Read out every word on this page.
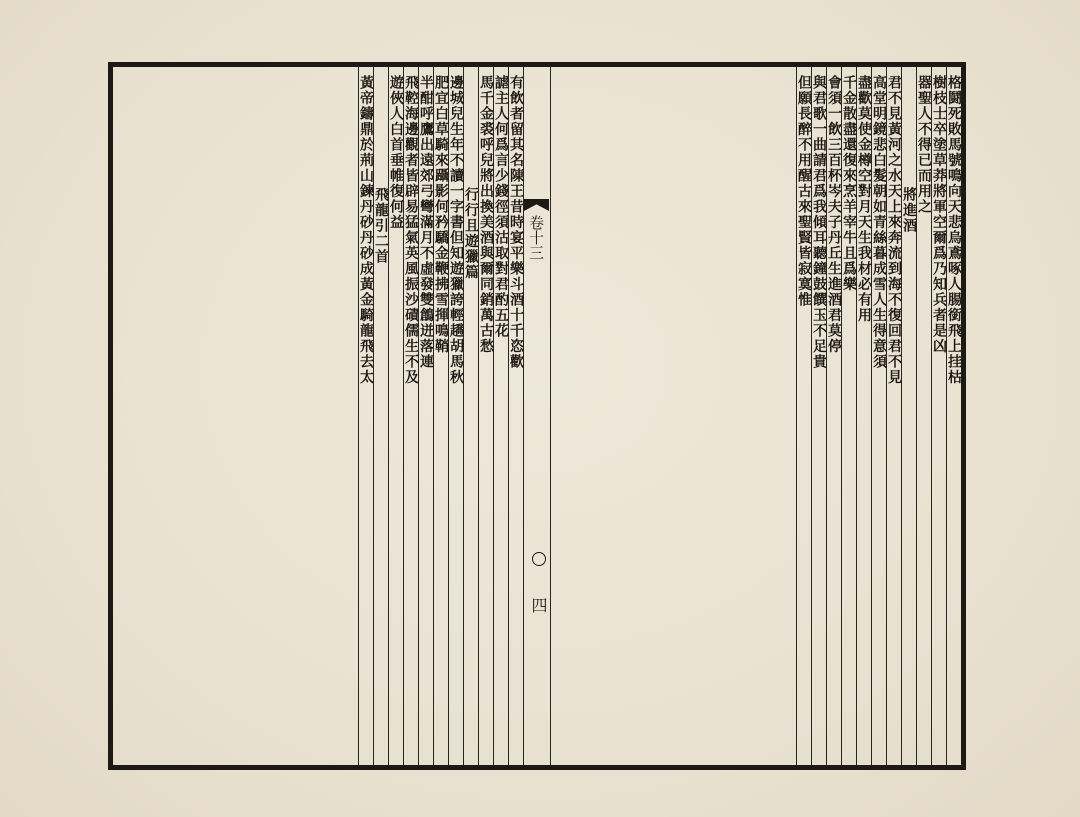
格鬪死敗馬號鳴向天悲烏鳶啄人腸銜飛上挂枯
樹枝士卒塗草莽將軍空爾爲乃知兵者是凶
器聖人不得已而用之
將進酒
君不見黃河之水天上來奔流到海不復回君不見
高堂明鏡悲白髮朝如青絲暮成雪人生得意須
盡歡莫使金樽空對月天生我材必有用
千金散盡還復來烹羊宰牛且爲樂
會須一飲三百杯岑夫子丹丘生進酒君莫停
與君歌一曲請君爲我傾耳聽鐘鼓饌玉不足貴
但願長醉不用醒古來聖賢皆寂寞惟
卷十三
四
有飲者留其名陳王昔時宴平樂斗酒十千恣歡
謔主人何爲言少錢徑須沽取對君酌五花
馬千金裘呼兒將出換美酒與爾同銷萬古愁
行行且遊獵篇
邊城兒生年不讀一字書但知遊獵誇輕趫胡馬秋
肥宜白草騎來躡影何矜驕金鞭拂雪揮鳴鞘
半酣呼鷹出遠郊弓彎滿月不虛發雙鶬迸落連
飛鞚海邊觀者皆辟易猛氣英風振沙磧儒生不及
遊俠人白首垂帷復何益
飛龍引二首
黃帝鑄鼎於荊山鍊丹砂丹砂成黃金騎龍飛去太
